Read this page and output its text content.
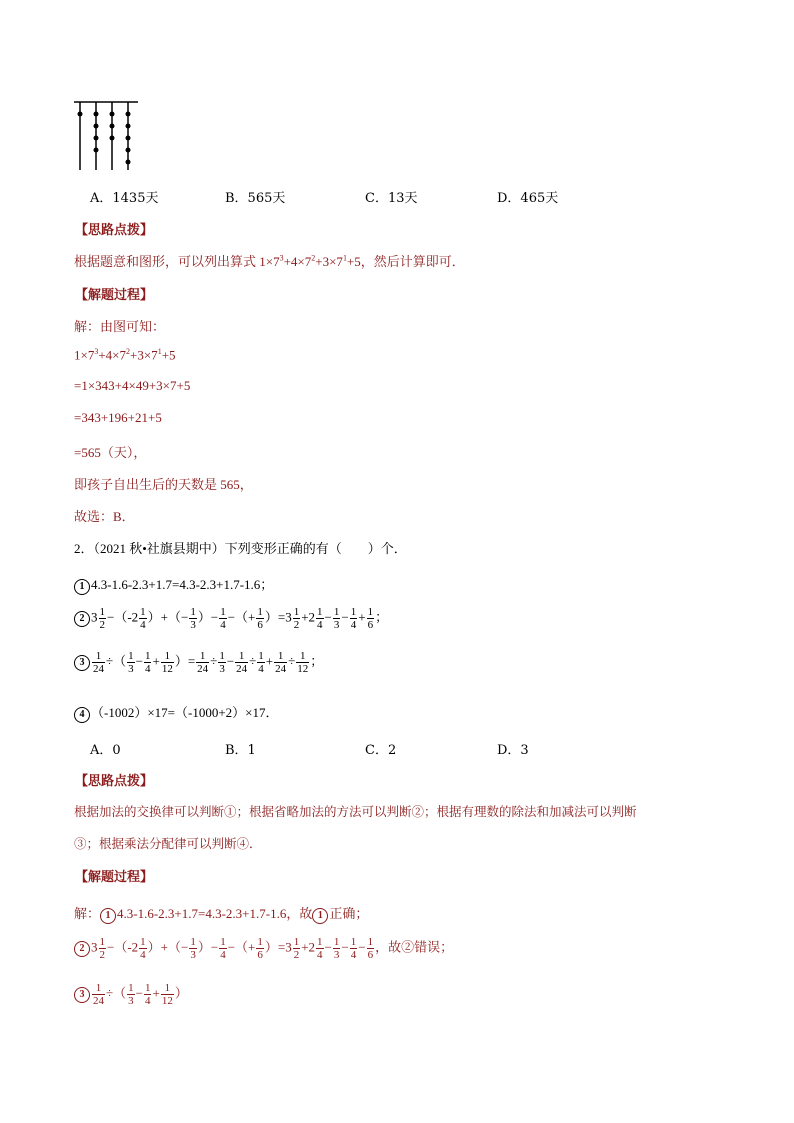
A．1435天	B．565天	C．13天	D．465天
【思路点拨】
根据题意和图形，可以列出算式 $1\times 7^3+4\times 7^2+3\times 7^1+5$，然后计算即可．
【解题过程】
解：由图可知：
$1\times 7^3+4\times 7^2+3\times 7^1+5$
=1×343+4×49+3×7+5
=343+196+21+5
=565（天），
即孩子自出生后的天数是 565，
故选：B．
2．（2021 秋•社旗县期中）下列变形正确的有（　　）个．
1 4.3-1.6-2.3+1.7=4.3-2.3+1.7-1.6；
2 $3 \frac{1}{2} -(-2 \frac{1}{4}$ ）+（− $\frac{1}{3}$ ）− $\frac{1}{4}$ −（+ $\frac{1}{6} )=3 \frac{1}{2} +2 \frac{1}{4} - \frac{1}{3} - \frac{1}{4} + \frac{1}{6}$ ；
$3 \frac{1}{24}$ ÷（ $\frac{1}{3} - \frac{1}{4} + \frac{1}{12}$ ）= $\frac{1}{24} \div \frac{1}{3} - \frac{1}{24} \div \frac{1}{4} + \frac{1}{24} \div \frac{1}{12}$ ；
4 （-1002）×17=（-1000+2）×17．
A．0	B．1	C．2	D．3
【思路点拨】
根据加法的交换律可以判断①；根据省略加法的方法可以判断②；根据有理数的除法和加减法可以判断
③；根据乘法分配律可以判断④．
【解题过程】
解： 1 4.3-1.6-2.3+1.7=4.3-2.3+1.7-1.6，故 1 正确；
2 $3 \frac{1}{2} -(-2 \frac{1}{4}$ ）+（− $\frac{1}{3}$ ）− $\frac{1}{4}$ −（+ $\frac{1}{6} )=3 \frac{1}{2} +2 \frac{1}{4} - \frac{1}{3} - \frac{1}{4} - \frac{1}{6}$ ，故②错误；
$3 \frac{1}{24}$ ÷（ $\frac{1}{3} - \frac{1}{4} + \frac{1}{12}$ ）
